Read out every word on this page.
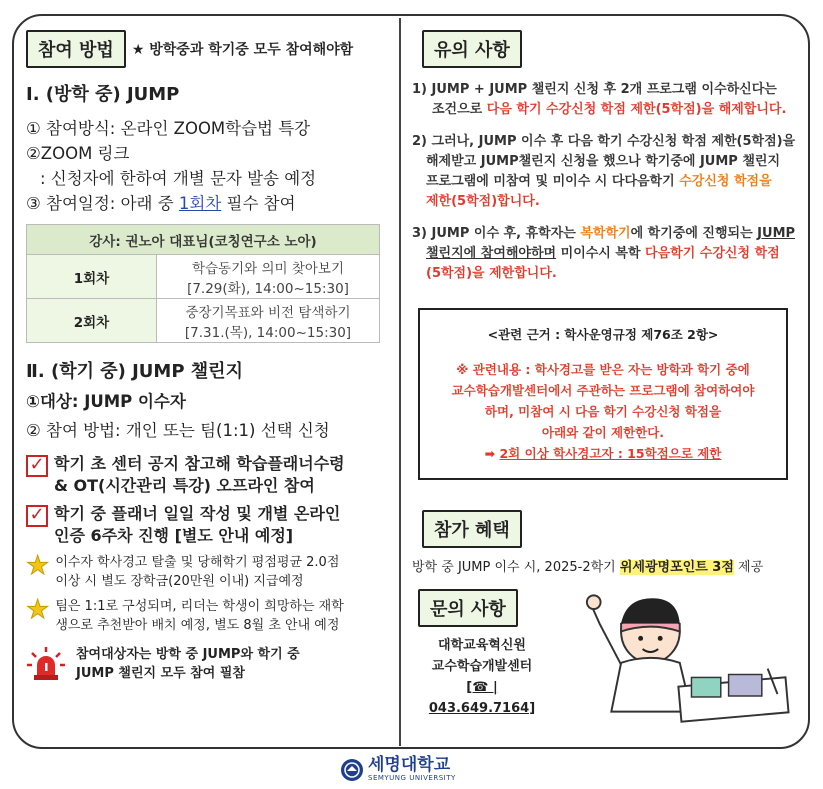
참여 방법	★ 방학중과 학기중 모두 참여해야함
Ⅰ. (방학 중) JUMP
① 참여방식: 온라인 ZOOM학습법 특강
②ZOOM 링크
: 신청자에 한하여 개별 문자 발송 예정
③ 참여일정: 아래 중 1회차 필수 참여
강사: 권노아 대표님(코칭연구소 노아)	
1회차	학습동기와 의미 찾아보기
[7.29(화), 14:00~15:30]

2회차	중장기목표와 비전 탐색하기
[7.31.(목), 14:00~15:30]
Ⅱ. (학기 중) JUMP 챌린지
①대상: JUMP 이수자
② 참여 방법: 개인 또는 팀(1:1) 선택 신청
✓ 학기 초 센터 공지 참고해 학습플래너수령
& OT(시간관리 특강) 오프라인 참여
✓ 학기 중 플래너 일일 작성 및 개별 온라인
인증 6주차 진행 [별도 안내 예정]
★ 이수자 학사경고 탈출 및 당해학기 평점평균 2.0점
이상 시 별도 장학금(20만원 이내) 지급예정
★ 팀은 1:1로 구성되며, 리더는 학생이 희망하는 재학
생으로 추천받아 배치 예정, 별도 8월 초 안내 예정
참여대상자는 방학 중 JUMP와 학기 중
JUMP 챌린지 모두 참여 필참
유의 사항
1) JUMP + JUMP 챌린지 신청 후 2개 프로그램 이수하신다는
조건으로 다음 학기 수강신청 학점 제한(5학점)을 해제합니다.
2) 그러나, JUMP 이수 후 다음 학기 수강신청 학점 제한(5학점)을
해제받고 JUMP챌린지 신청을 했으나 학기중에 JUMP 챌린지
프로그램에 미참여 및 미이수 시 다다음학기 수강신청 학점을
제한(5학점)합니다.
3) JUMP 이수 후, 휴학자는 복학학기에 학기중에 진행되는 JUMP
챌린지에 참여해야하며 미이수시 복학 다음학기 수강신청 학점
(5학점)을 제한합니다.
<관련 근거 : 학사운영규정 제76조 2항>
※ 관련내용 : 학사경고를 받은 자는 방학과 학기 중에
교수학습개발센터에서 주관하는 프로그램에 참여하여야
하며, 미참여 시 다음 학기 수강신청 학점을
아래와 같이 제한한다.
➡ 2회 이상 학사경고자 : 15학점으로 제한
참가 혜택
방학 중 JUMP 이수 시, 2025-2학기 위세광명포인트 3점 제공
문의 사항
대학교육혁신원
교수학습개발센터
[☎ | 043.649.7164]
세명대학교
SEMYUNG UNIVERSITY
